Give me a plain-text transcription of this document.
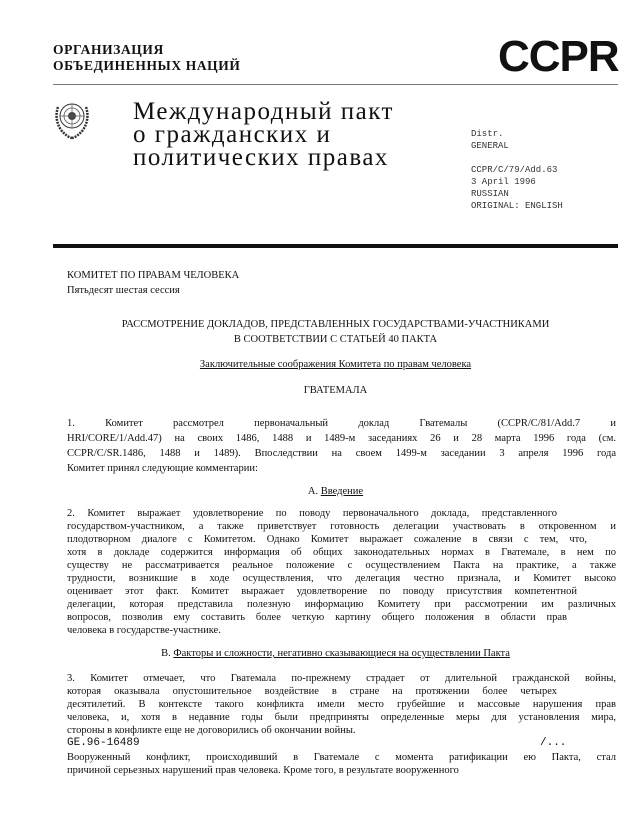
ОРГАНИЗАЦИЯ
ОБЪЕДИНЕННЫХ НАЦИЙ	CCPR
Международный пакт
о гражданских и
политических правах
Distr.
GENERAL
CCPR/C/79/Add.63
3 April 1996
RUSSIAN
ORIGINAL: ENGLISH
КОМИТЕТ ПО ПРАВАМ ЧЕЛОВЕКА
Пятьдесят шестая сессия
РАССМОТРЕНИЕ ДОКЛАДОВ, ПРЕДСТАВЛЕННЫХ ГОСУДАРСТВАМИ-УЧАСТНИКАМИ
В СООТВЕТСТВИИ С СТАТЬЕЙ 40 ПАКТА
Заключительные соображения Комитета по правам человека
ГВАТЕМАЛА
1. Комитет рассмотрел первоначальный доклад Гватемалы (CCPR/C/81/Add.7 и
HRI/CORE/1/Add.47) на своих 1486, 1488 и 1489-м заседаниях 26 и 28 марта 1996 года (см.
CCPR/C/SR.1486, 1488 и 1489). Впоследствии на своем 1499-м заседании 3 апреля 1996 года
Комитет принял следующие комментарии:
A. Введение
2. Комитет выражает удовлетворение по поводу первоначального доклада, представленного
государством-участником, а также приветствует готовность делегации участвовать в откровенном и
плодотворном диалоге с Комитетом. Однако Комитет выражает сожаление в связи с тем, что,
хотя в докладе содержится информация об общих законодательных нормах в Гватемале, в нем по
существу не рассматривается реальное положение с осуществлением Пакта на практике, а также
трудности, возникшие в ходе осуществления, что делегация честно признала, и Комитет высоко
оценивает этот факт. Комитет выражает удовлетворение по поводу присутствия компетентной
делегации, которая представила полезную информацию Комитету при рассмотрении им различных
вопросов, позволив ему составить более четкую картину общего положения в области прав
человека в государстве-участнике.
B. Факторы и сложности, негативно сказывающиеся на осуществлении Пакта
3. Комитет отмечает, что Гватемала по-прежнему страдает от длительной гражданской войны,
которая оказывала опустошительное воздействие в стране на протяжении более четырех
десятилетий. В контексте такого конфликта имели место грубейшие и массовые нарушения прав
человека, и, хотя в недавние годы были предприняты определенные меры для установления мира,
стороны в конфликте еще не договорились об окончании войны.
GE.96-16489	/...
Вооруженный конфликт, происходивший в Гватемале с момента ратификации ею Пакта, стал
причиной серьезных нарушений прав человека. Кроме того, в результате вооруженного
